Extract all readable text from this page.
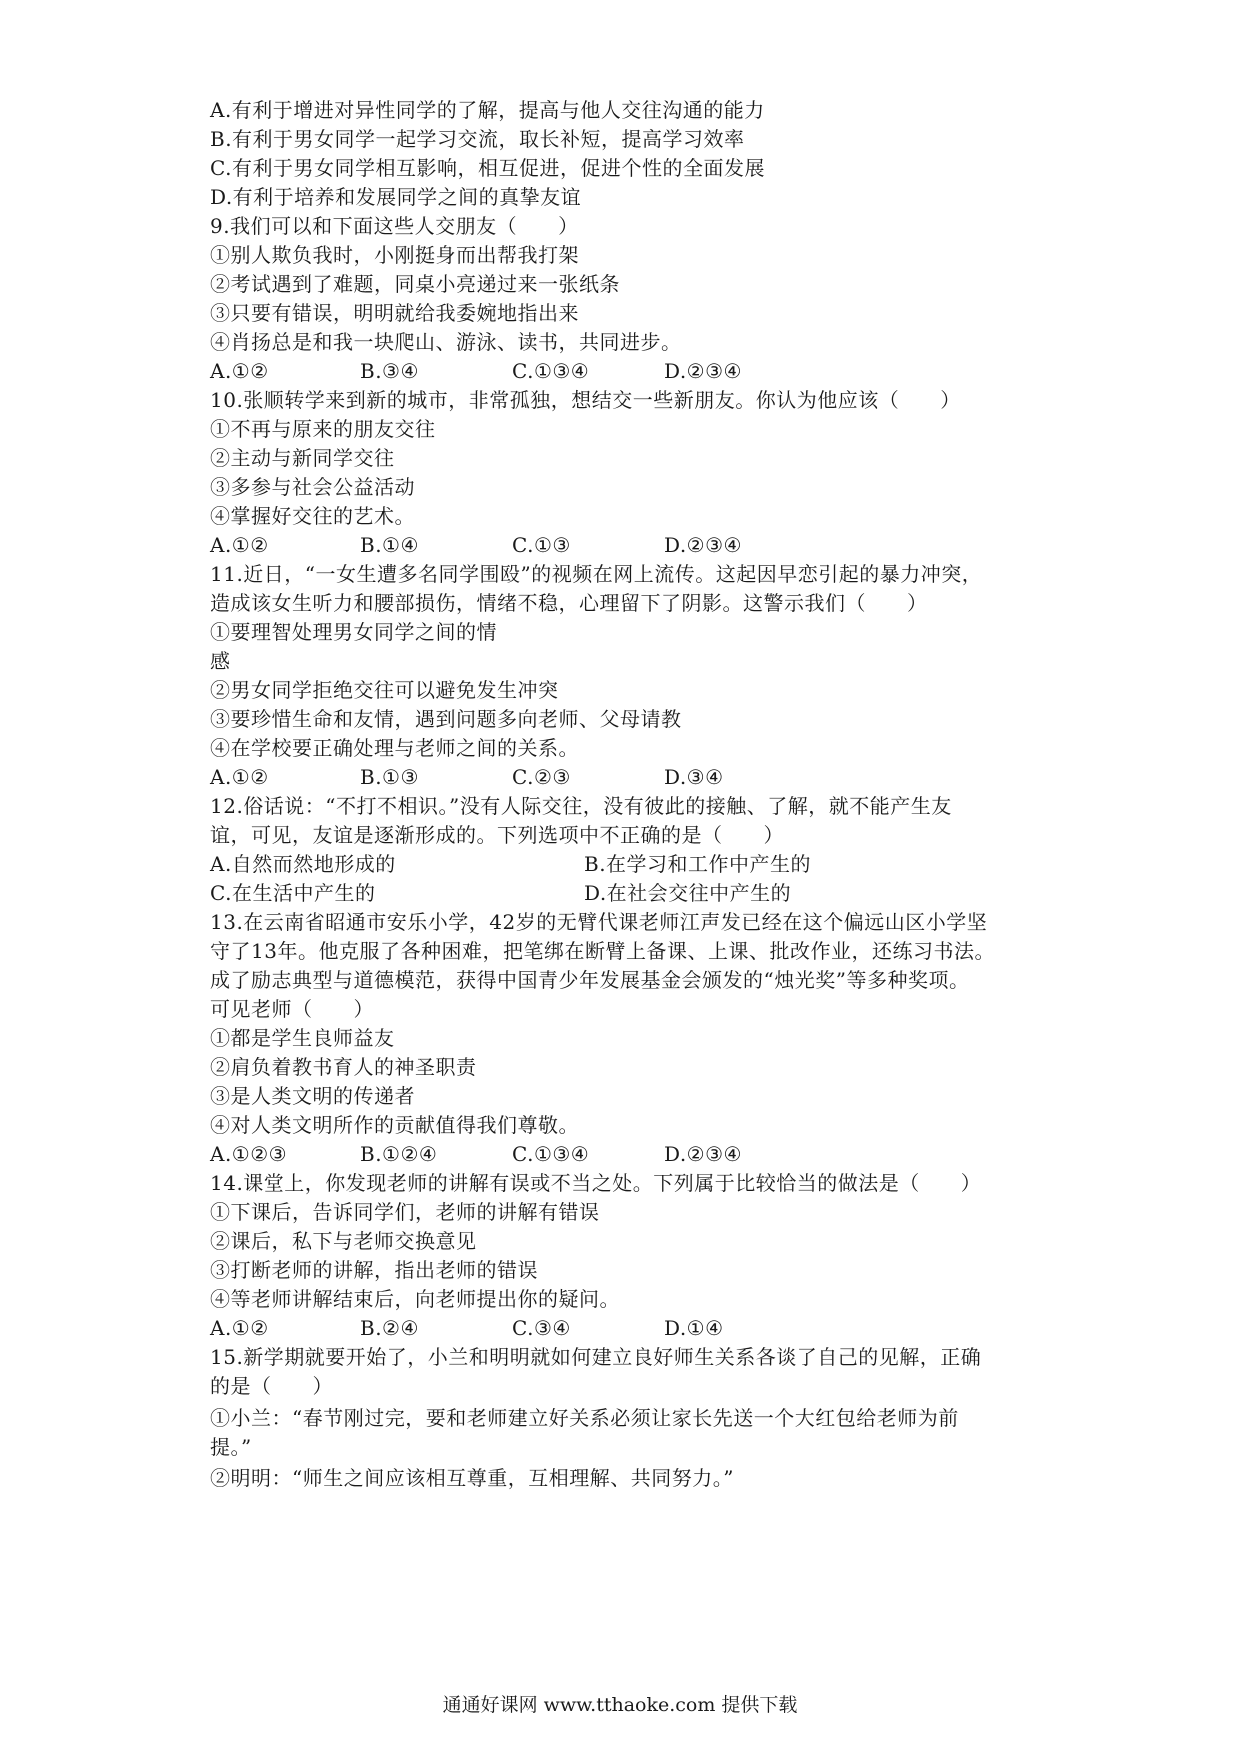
A.有利于增进对异性同学的了解，提高与他人交往沟通的能力
B.有利于男女同学一起学习交流，取长补短，提高学习效率
C.有利于男女同学相互影响，相互促进，促进个性的全面发展
D.有利于培养和发展同学之间的真挚友谊
9.我们可以和下面这些人交朋友（　　）
①别人欺负我时，小刚挺身而出帮我打架
②考试遇到了难题，同桌小亮递过来一张纸条
③只要有错误，明明就给我委婉地指出来
④肖扬总是和我一块爬山、游泳、读书，共同进步。
A.①②	B.③④	C.①③④	D.②③④
10.张顺转学来到新的城市，非常孤独，想结交一些新朋友。你认为他应该（　　）
①不再与原来的朋友交往
②主动与新同学交往
③多参与社会公益活动
④掌握好交往的艺术。
A.①②	B.①④	C.①③	D.②③④
11.近日，“一女生遭多名同学围殴”的视频在网上流传。这起因早恋引起的暴力冲突，
造成该女生听力和腰部损伤，情绪不稳，心理留下了阴影。这警示我们（　　）
①要理智处理男女同学之间的情
感
②男女同学拒绝交往可以避免发生冲突
③要珍惜生命和友情，遇到问题多向老师、父母请教
④在学校要正确处理与老师之间的关系。
A.①②	B.①③	C.②③	D.③④
12.俗话说：“不打不相识。”没有人际交往，没有彼此的接触、了解，就不能产生友
谊，可见，友谊是逐渐形成的。下列选项中不正确的是（　　）
A.自然而然地形成的	B.在学习和工作中产生的
C.在生活中产生的	D.在社会交往中产生的
13.在云南省昭通市安乐小学，42岁的无臂代课老师江声发已经在这个偏远山区小学坚
守了13年。他克服了各种困难，把笔绑在断臂上备课、上课、批改作业，还练习书法。
成了励志典型与道德模范，获得中国青少年发展基金会颁发的“烛光奖”等多种奖项。
可见老师（　　）
①都是学生良师益友
②肩负着教书育人的神圣职责
③是人类文明的传递者
④对人类文明所作的贡献值得我们尊敬。
A.①②③	B.①②④	C.①③④	D.②③④
14.课堂上，你发现老师的讲解有误或不当之处。下列属于比较恰当的做法是（　　）
①下课后，告诉同学们，老师的讲解有错误
②课后，私下与老师交换意见
③打断老师的讲解，指出老师的错误
④等老师讲解结束后，向老师提出你的疑问。
A.①②	B.②④	C.③④	D.①④
15.新学期就要开始了，小兰和明明就如何建立良好师生关系各谈了自己的见解，正确
的是（　　）
①小兰：“春节刚过完，要和老师建立好关系必须让家长先送一个大红包给老师为前
提。”
②明明：“师生之间应该相互尊重，互相理解、共同努力。”
通通好课网 www.tthaoke.com 提供下载
